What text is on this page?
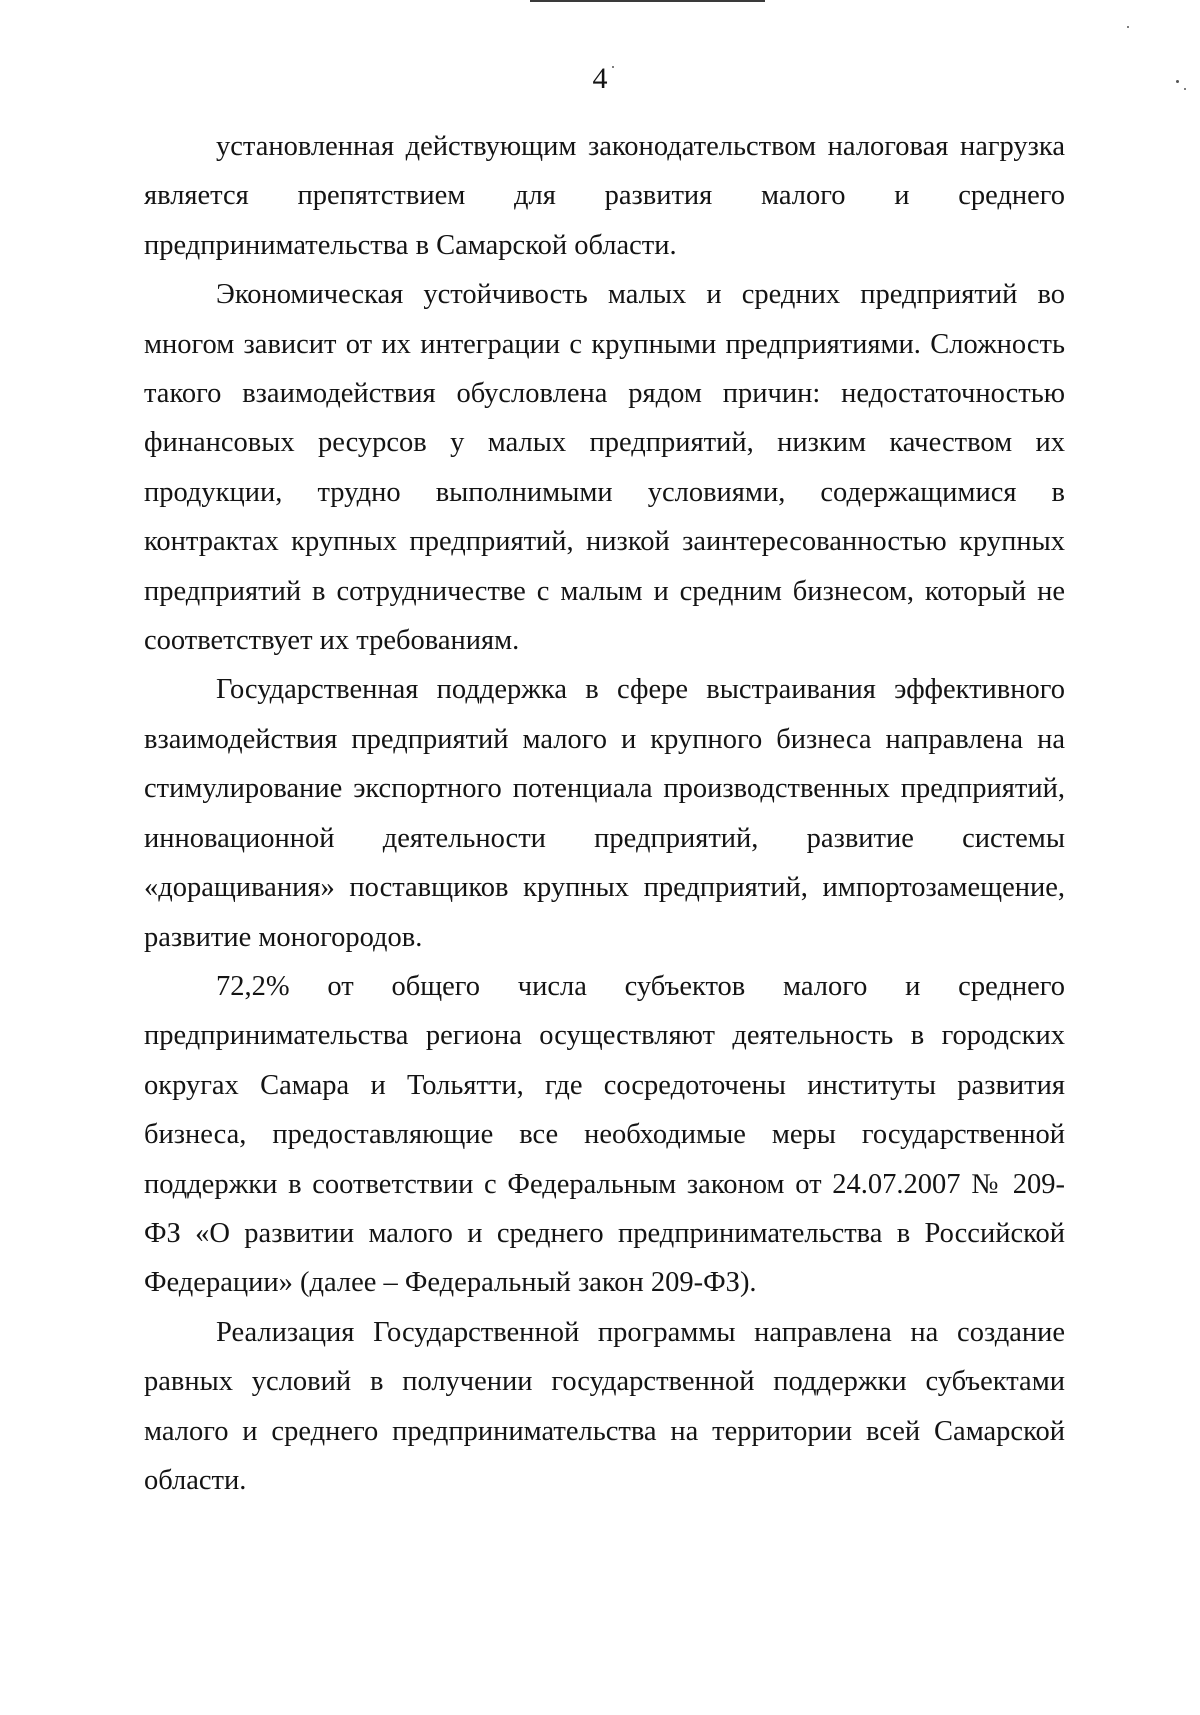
4

установленная действующим законодательством налоговая нагрузка является препятствием для развития малого и среднего предпринимательства в Самарской области.

Экономическая устойчивость малых и средних предприятий во многом зависит от их интеграции с крупными предприятиями. Сложность такого взаимодействия обусловлена рядом причин: недостаточностью финансовых ресурсов у малых предприятий, низким качеством их продукции, трудно выполнимыми условиями, содержащимися в контрактах крупных предприятий, низкой заинтересованностью крупных предприятий в сотрудничестве с малым и средним бизнесом, который не соответствует их требованиям.

Государственная поддержка в сфере выстраивания эффективного взаимодействия предприятий малого и крупного бизнеса направлена на стимулирование экспортного потенциала производственных предприятий, инновационной деятельности предприятий, развитие системы «доращивания» поставщиков крупных предприятий, импортозамещение, развитие моногородов.

72,2% от общего числа субъектов малого и среднего предпринимательства региона осуществляют деятельность в городских округах Самара и Тольятти, где сосредоточены институты развития бизнеса, предоставляющие все необходимые меры государственной поддержки в соответствии с Федеральным законом от 24.07.2007 № 209-ФЗ «О развитии малого и среднего предпринимательства в Российской Федерации» (далее – Федеральный закон 209-ФЗ).

Реализация Государственной программы направлена на создание равных условий в получении государственной поддержки субъектами малого и среднего предпринимательства на территории всей Самарской области.
